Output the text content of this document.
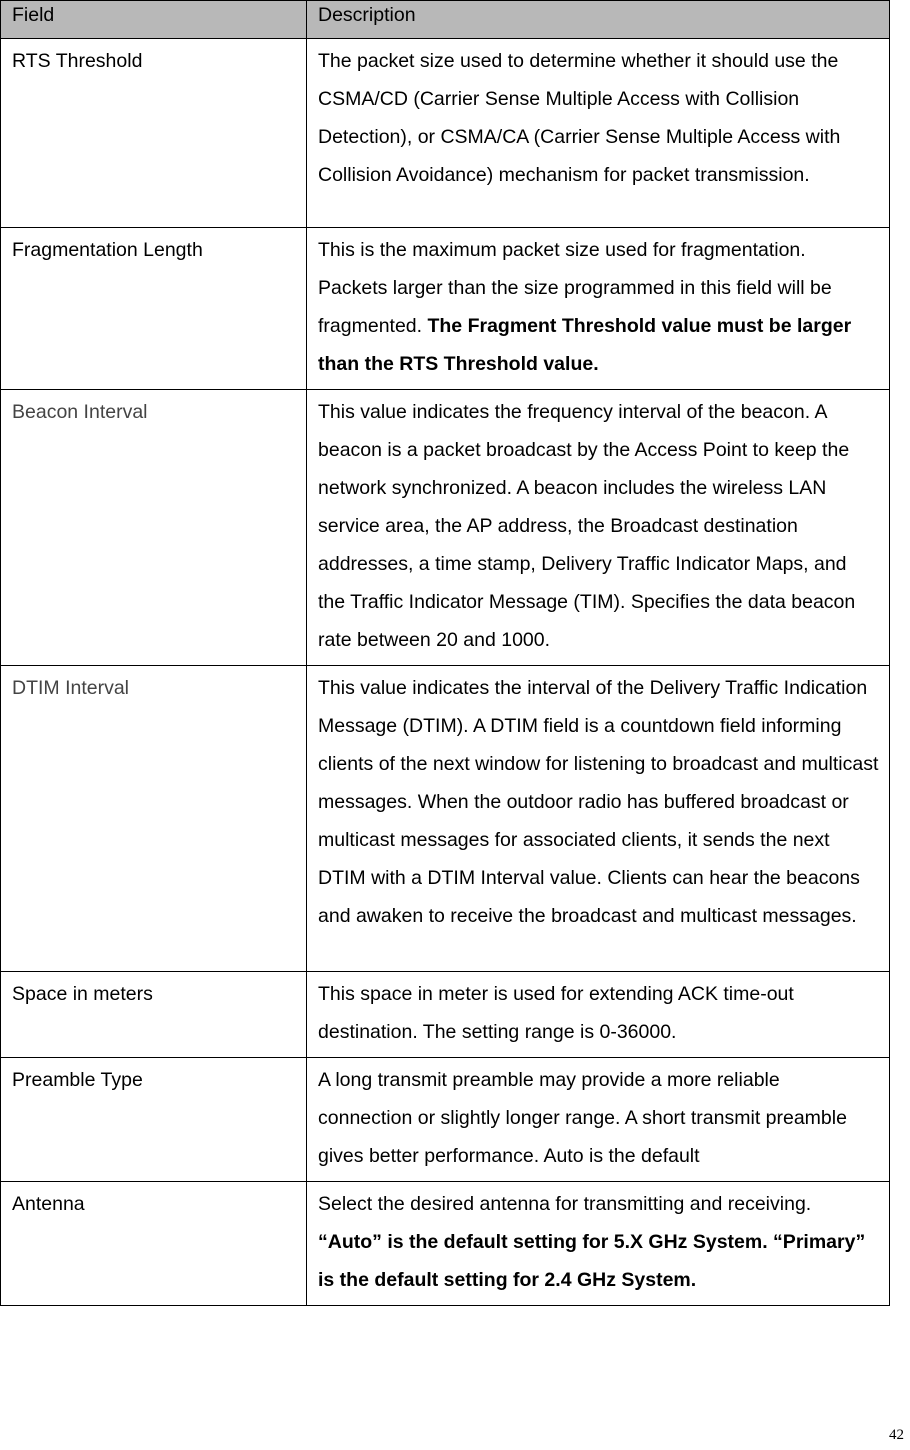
Field	Description
RTS Threshold	The packet size used to determine whether it should use the CSMA/CD (Carrier Sense Multiple Access with Collision Detection), or CSMA/CA (Carrier Sense Multiple Access with Collision Avoidance) mechanism for packet transmission.
Fragmentation Length	This is the maximum packet size used for fragmentation. Packets larger than the size programmed in this field will be fragmented. The Fragment Threshold value must be larger than the RTS Threshold value.
Beacon Interval	This value indicates the frequency interval of the beacon. A beacon is a packet broadcast by the Access Point to keep the network synchronized. A beacon includes the wireless LAN service area, the AP address, the Broadcast destination addresses, a time stamp, Delivery Traffic Indicator Maps, and the Traffic Indicator Message (TIM). Specifies the data beacon rate between 20 and 1000.
DTIM Interval	This value indicates the interval of the Delivery Traffic Indication Message (DTIM). A DTIM field is a countdown field informing clients of the next window for listening to broadcast and multicast messages. When the outdoor radio has buffered broadcast or multicast messages for associated clients, it sends the next DTIM with a DTIM Interval value. Clients can hear the beacons and awaken to receive the broadcast and multicast messages.
Space in meters	This space in meter is used for extending ACK time-out destination. The setting range is 0-36000.
Preamble Type	A long transmit preamble may provide a more reliable connection or slightly longer range. A short transmit preamble gives better performance. Auto is the default
Antenna	Select the desired antenna for transmitting and receiving. “Auto” is the default setting for 5.X GHz System. “Primary” is the default setting for 2.4 GHz System.
42
